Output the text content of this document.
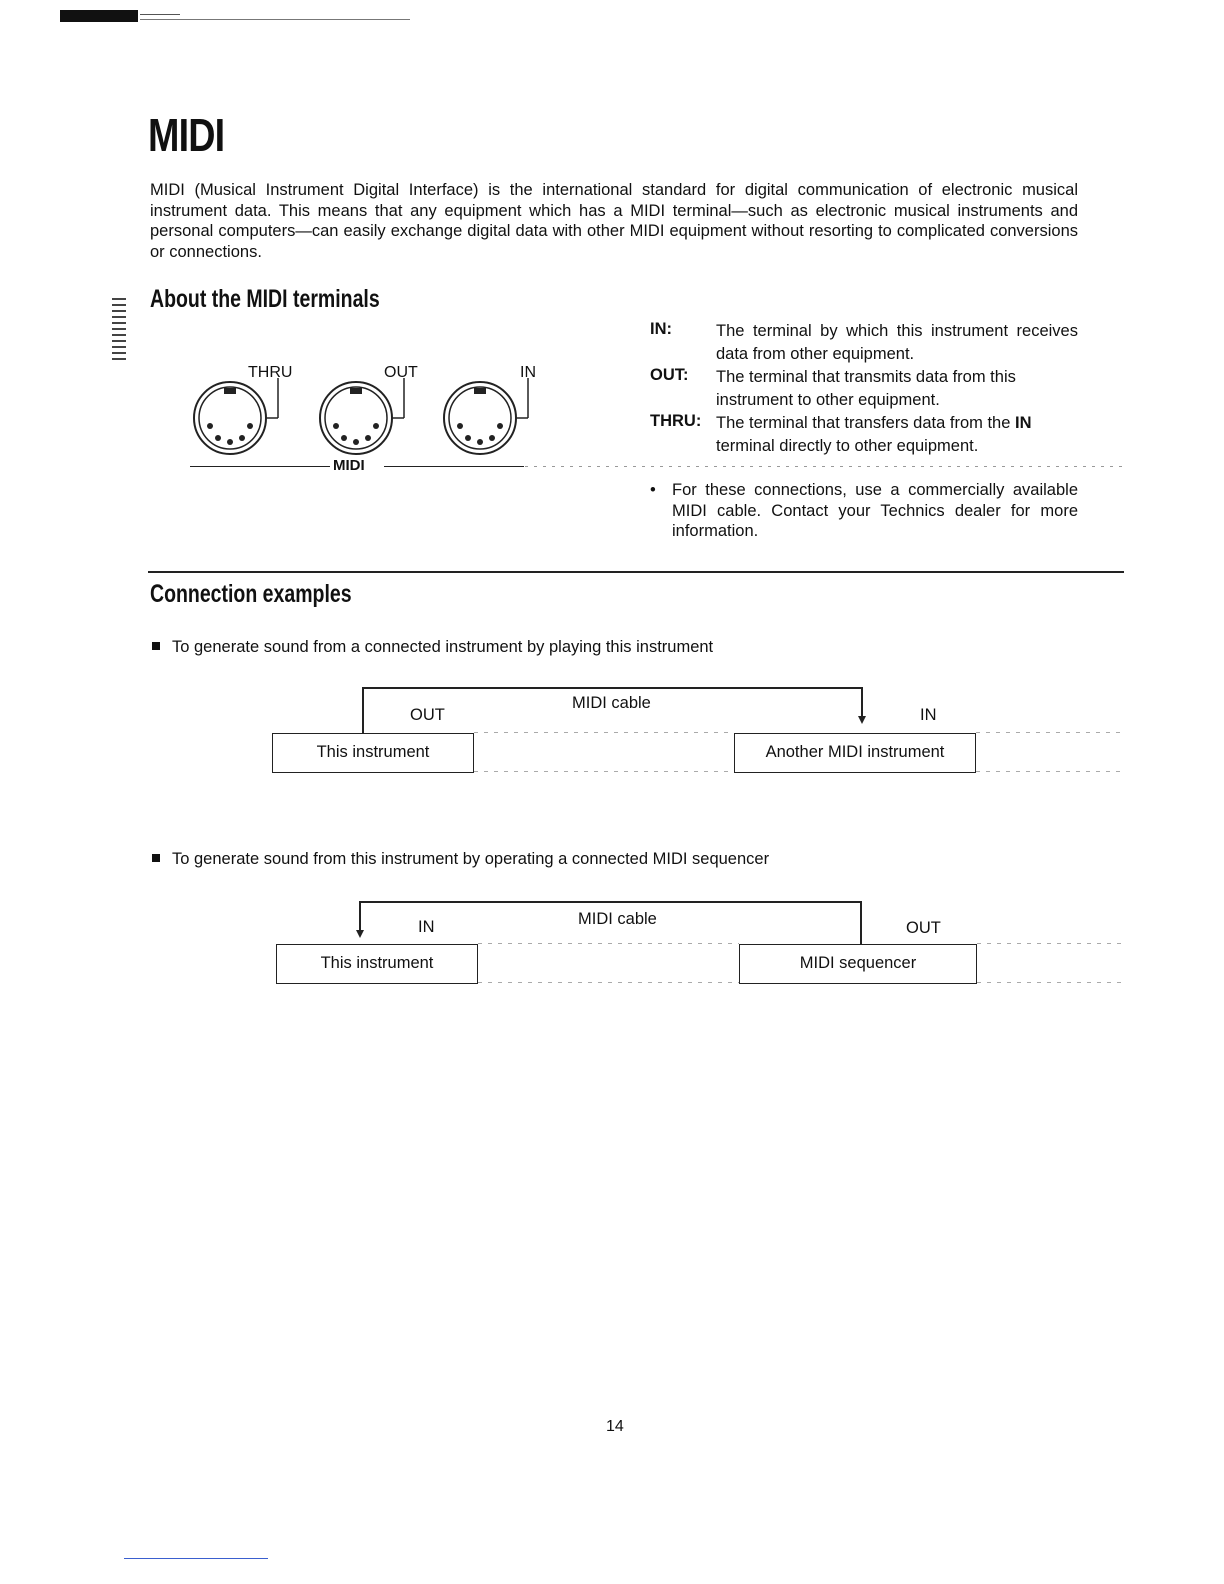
MIDI
MIDI (Musical Instrument Digital Interface) is the international standard for digital communication of electronic musical instrument data. This means that any equipment which has a MIDI terminal—such as electronic musical instruments and personal computers—can easily exchange digital data with other MIDI equipment without resorting to complicated conversions or connections.
About the MIDI terminals
THRU	OUT	IN
MIDI
IN:	The terminal by which this instrument receives data from other equipment.
OUT: The terminal that transmits data from this instrument to other equipment.
THRU: The terminal that transfers data from the IN terminal directly to other equipment.
• For these connections, use a commercially available MIDI cable. Contact your Technics dealer for more information.
Connection examples
To generate sound from a connected instrument by playing this instrument
MIDI cable
OUT	IN
This instrument	Another MIDI instrument
To generate sound from this instrument by operating a connected MIDI sequencer
MIDI cable
IN	OUT
This instrument	MIDI sequencer
14
